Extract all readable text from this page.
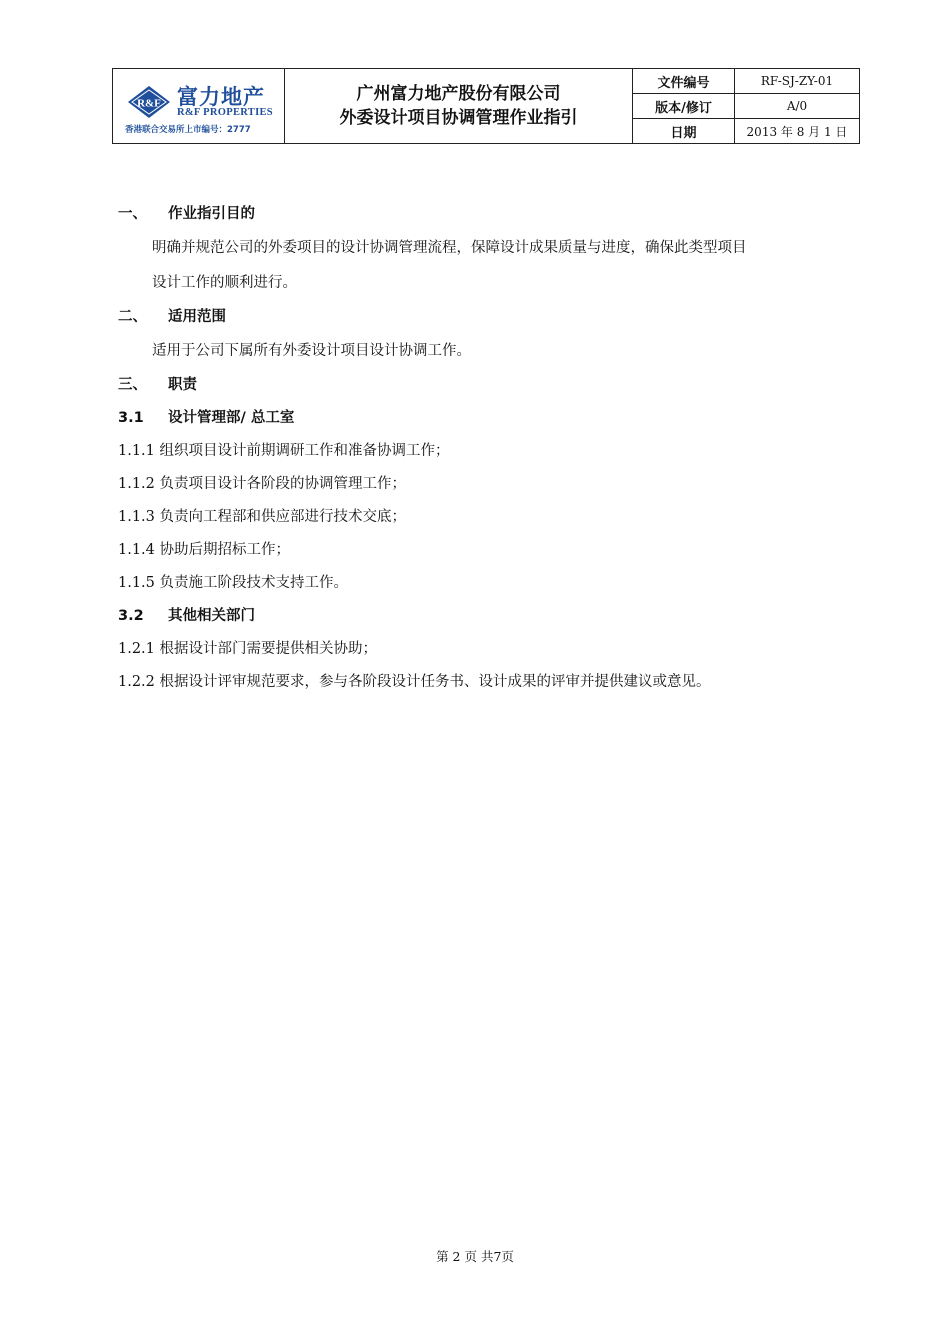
R&F 富力地产
R&F PROPERTIES
香港联合交易所上市编号：2777
广州富力地产股份有限公司
外委设计项目协调管理作业指引
文件编号	RF-SJ-ZY-01
版本/修订	A/0
日期	2013 年 8 月 1 日
一、	作业指引目的
明确并规范公司的外委项目的设计协调管理流程，保障设计成果质量与进度，确保此类型项目
设计工作的顺利进行。
二、	适用范围
适用于公司下属所有外委设计项目设计协调工作。
三、	职责
3.1	设计管理部/ 总工室
1.1.1 组织项目设计前期调研工作和准备协调工作；
1.1.2 负责项目设计各阶段的协调管理工作；
1.1.3 负责向工程部和供应部进行技术交底；
1.1.4 协助后期招标工作；
1.1.5 负责施工阶段技术支持工作。
3.2	其他相关部门
1.2.1 根据设计部门需要提供相关协助；
1.2.2 根据设计评审规范要求，参与各阶段设计任务书、设计成果的评审并提供建议或意见。
第 2 页 共7页
